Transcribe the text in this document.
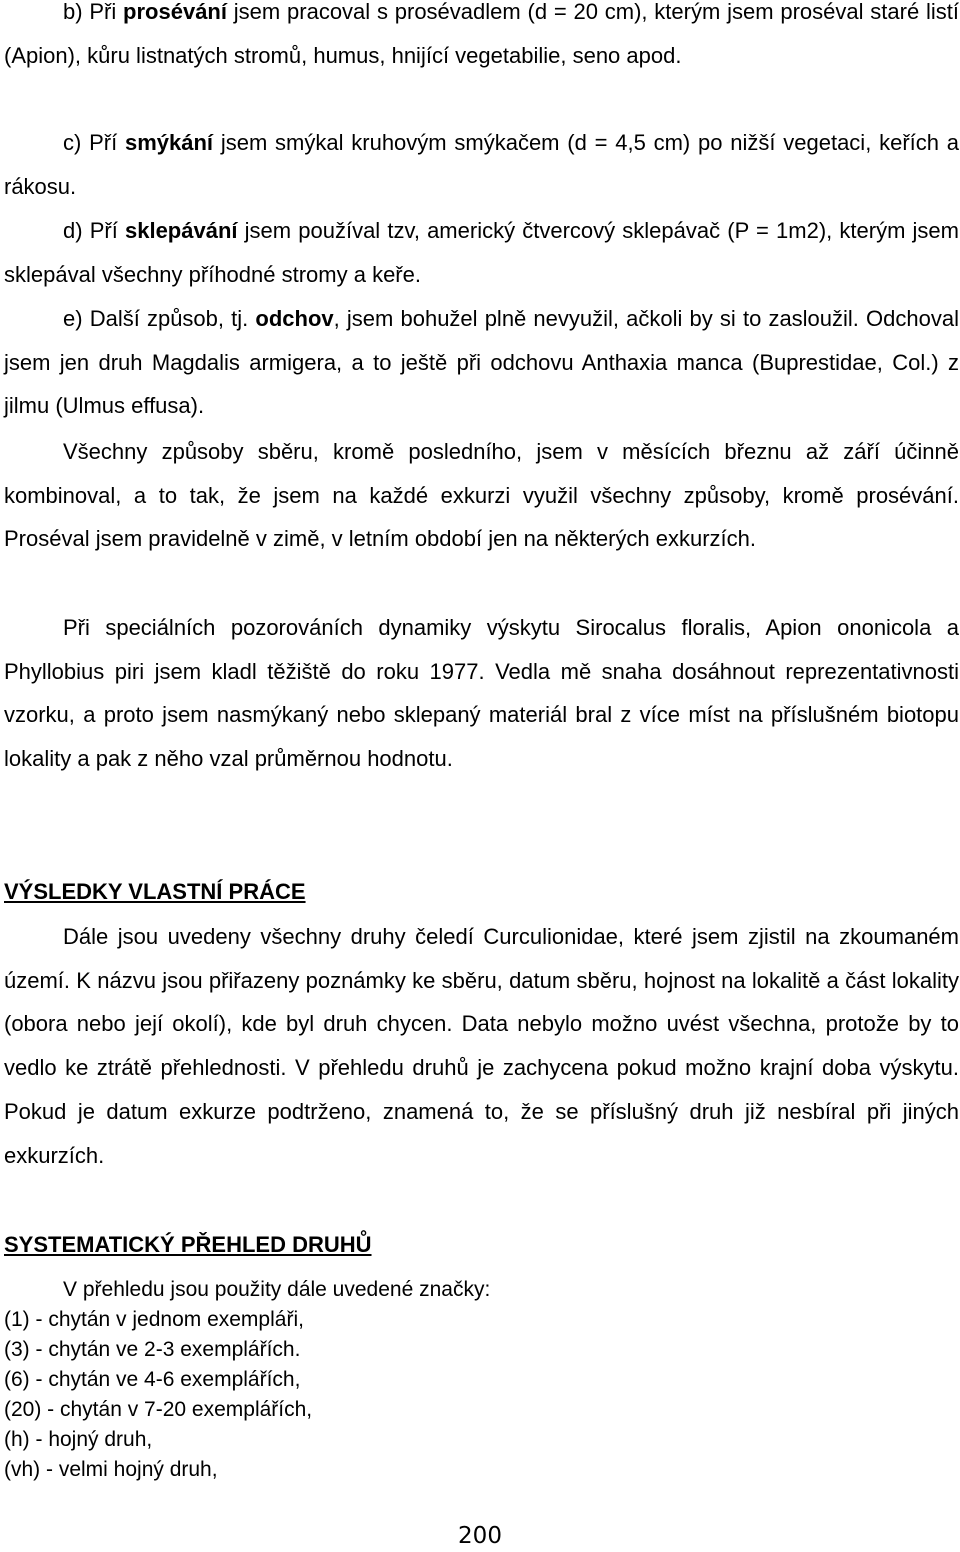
b) Při prosévání jsem pracoval s prosévadlem (d = 20 cm), kterým jsem proséval staré listí (Apion), kůru listnatých stromů, humus, hnijící vegetabilie, seno apod.

c) Pří smýkání jsem smýkal kruhovým smýkačem (d = 4,5 cm) po nižší vegetaci, keřích a rákosu.

d) Pří sklepávání jsem používal tzv, americký čtvercový sklepávač (P = 1m2), kterým jsem sklepával všechny příhodné stromy a keře.

e) Další způsob, tj. odchov, jsem bohužel plně nevyužil, ačkoli by si to zasloužil. Odchoval jsem jen druh Magdalis armigera, a to ještě při odchovu Anthaxia manca (Buprestidae, Col.) z jilmu (Ulmus effusa).

Všechny způsoby sběru, kromě posledního, jsem v měsících březnu až září účinně kombinoval, a to tak, že jsem na každé exkurzi využil všechny způsoby, kromě prosévání. Proséval jsem pravidelně v zimě, v letním období jen na některých exkurzích.

Při speciálních pozorováních dynamiky výskytu Sirocalus floralis, Apion ononicola a Phyllobius piri jsem kladl těžiště do roku 1977. Vedla mě snaha dosáhnout reprezentativnosti vzorku, a proto jsem nasmýkaný nebo sklepaný materiál bral z více míst na příslušném biotopu lokality a pak z něho vzal průměrnou hodnotu.

VÝSLEDKY VLASTNÍ PRÁCE

Dále jsou uvedeny všechny druhy čeledí Curculionidae, které jsem zjistil na zkoumaném území. K názvu jsou přiřazeny poznámky ke sběru, datum sběru, hojnost na lokalitě a část lokality (obora nebo její okolí), kde byl druh chycen. Data nebylo možno uvést všechna, protože by to vedlo ke ztrátě přehlednosti. V přehledu druhů je zachycena pokud možno krajní doba výskytu. Pokud je datum exkurze podtrženo, znamená to, že se příslušný druh již nesbíral při jiných exkurzích.

SYSTEMATICKÝ PŘEHLED DRUHŮ
V přehledu jsou použity dále uvedené značky:
(1) - chytán v jednom exempláři,
(3) - chytán ve 2-3 exemplářích.
(6) - chytán ve 4-6 exemplářích,
(20) - chytán v 7-20 exemplářích,
(h) - hojný druh,
(vh) - velmi hojný druh,
200
